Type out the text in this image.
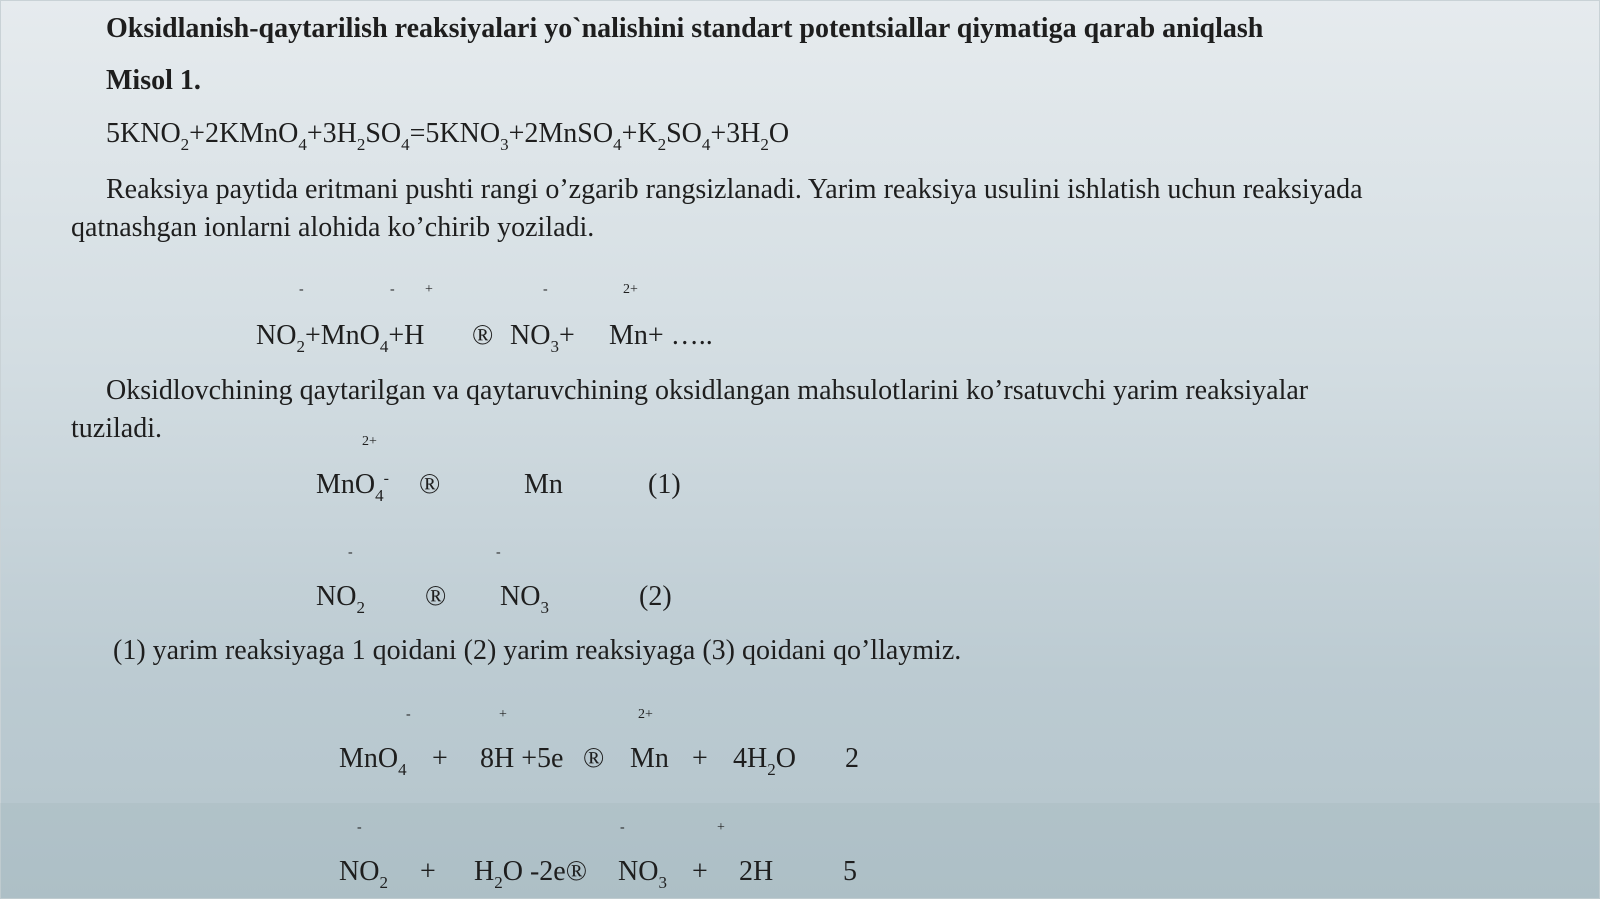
Oksidlanish-qaytarilish reaksiyalari yo`nalishini standart potentsiallar qiymatiga qarab aniqlash
Misol 1.
$5KNO_2+2KMnO_4+3H_2SO_4=5KNO_3+2MnSO_4+K_2SO_4+3H_2O$
Reaksiya paytida eritmani pushti rangi o’zgarib rangsizlanadi. Yarim reaksiya usulini ishlatish uchun reaksiyada
qatnashgan ionlarni alohida ko’chirib yoziladi.
-	- +	-	2+
$NO_2+MnO_4+H$ ® $NO_3+ Mn+$ …..
Oksidlovchining qaytarilgan va qaytaruvchining oksidlangan mahsulotlarini ko’rsatuvchi yarim reaksiyalar
tuziladi.	2+
MnO$_4$- ®	Mn	(1)
-	-
$NO_2$ ® $NO_3$	(2)
(1) yarim reaksiyaga 1 qoidani (2) yarim reaksiyaga (3) qoidani qo’llaymiz.
-	+	2+
MnO$_4$ + 8H +5e ® $Mn + 4H_2O$ 2
-	-	+
$NO_2 + H_2O$ -2e® $NO_3 + 2H$ 5
